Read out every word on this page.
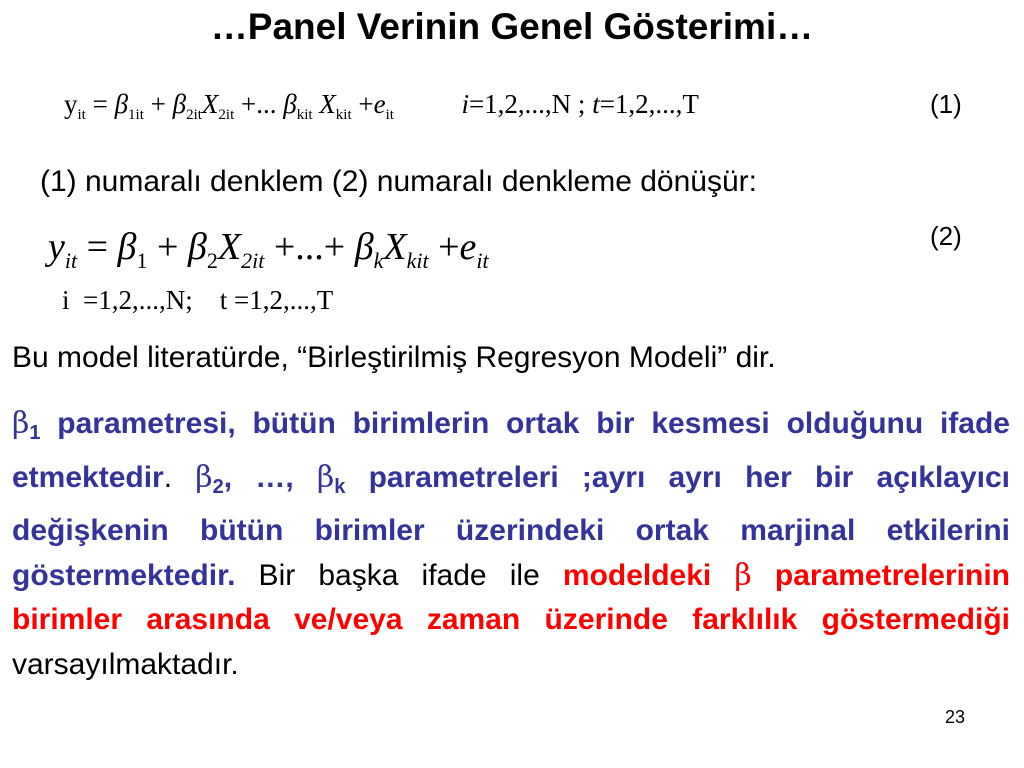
…Panel Verinin Genel Gösterimi…
$y_{it} = \beta_{1it} + \beta_{2it}X_{2it}$ +... $\beta_{kit}$ $X_{kit} +e_{it}$	i=1,2,...,N ; t=1,2,...,T	(1)
(1) numaralı denklem (2) numaralı denkleme dönüşür:
$y_{it} = \beta_1 + \beta_2X_{2it}$ +...+ $\beta_kX_{kit} +e_{it}$
(2)
i  =1,2,...,N;    t =1,2,...,T
Bu model literatürde, “Birleştirilmiş Regresyon Modeli” dir.
$\beta_1$ parametresi, bütün birimlerin ortak bir kesmesi olduğunu ifade etmektedir. $\beta_2$, …, $\beta_k$ parametreleri ;ayrı ayrı her bir açıklayıcı değişkenin bütün birimler üzerindeki ortak marjinal etkilerini göstermektedir. Bir başka ifade ile modeldeki β parametrelerinin birimler arasında ve/veya zaman üzerinde farklılık göstermediği varsayılmaktadır.
23
